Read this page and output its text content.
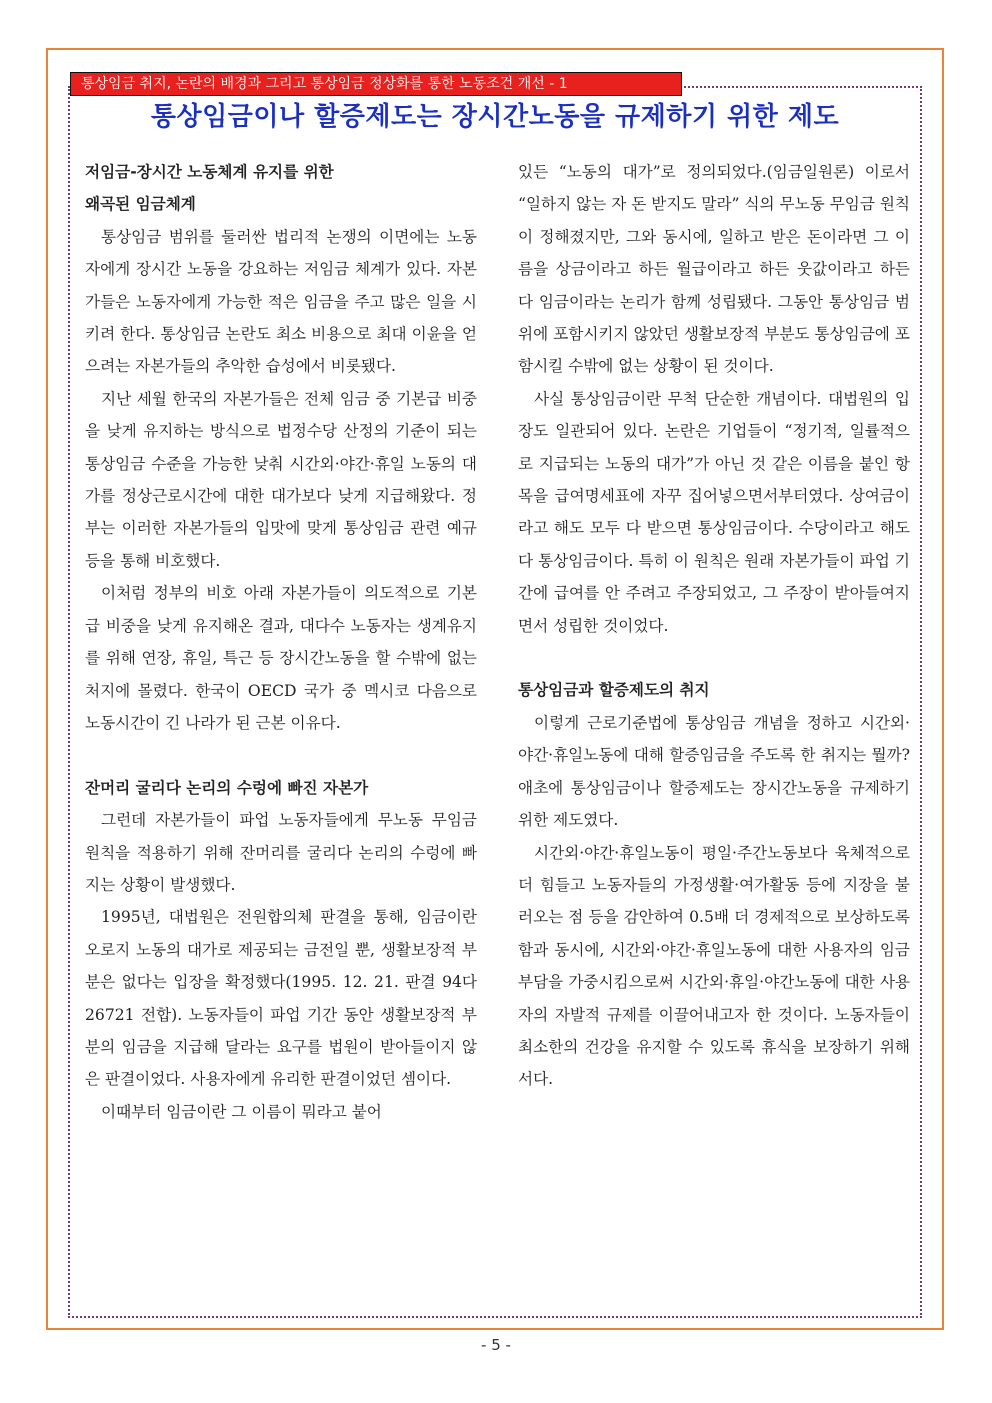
통상임금 취지, 논란의 배경과 그리고 통상임금 정상화를 통한 노동조건 개선 - 1
통상임금이나 할증제도는 장시간노동을 규제하기 위한 제도
저임금-장시간 노동체계 유지를 위한
왜곡된 임금체계

통상임금 범위를 둘러싼 법리적 논쟁의 이면에는 노동자에게 장시간 노동을 강요하는 저임금 체계가 있다. 자본가들은 노동자에게 가능한 적은 임금을 주고 많은 일을 시키려 한다. 통상임금 논란도 최소 비용으로 최대 이윤을 얻으려는 자본가들의 추악한 습성에서 비롯됐다.

지난 세월 한국의 자본가들은 전체 임금 중 기본급 비중을 낮게 유지하는 방식으로 법정수당 산정의 기준이 되는 통상임금 수준을 가능한 낮춰 시간외·야간·휴일 노동의 대가를 정상근로시간에 대한 대가보다 낮게 지급해왔다. 정부는 이러한 자본가들의 입맛에 맞게 통상임금 관련 예규 등을 통해 비호했다.

이처럼 정부의 비호 아래 자본가들이 의도적으로 기본급 비중을 낮게 유지해온 결과, 대다수 노동자는 생계유지를 위해 연장, 휴일, 특근 등 장시간노동을 할 수밖에 없는 처지에 몰렸다. 한국이 OECD 국가 중 멕시코 다음으로 노동시간이 긴 나라가 된 근본 이유다.

잔머리 굴리다 논리의 수렁에 빠진 자본가

그런데 자본가들이 파업 노동자들에게 무노동 무임금 원칙을 적용하기 위해 잔머리를 굴리다 논리의 수렁에 빠지는 상황이 발생했다.

1995년, 대법원은 전원합의체 판결을 통해, 임금이란 오로지 노동의 대가로 제공되는 금전일 뿐, 생활보장적 부분은 없다는 입장을 확정했다(1995. 12. 21. 판결 94다26721 전합). 노동자들이 파업 기간 동안 생활보장적 부분의 임금을 지급해 달라는 요구를 법원이 받아들이지 않은 판결이었다. 사용자에게 유리한 판결이었던 셈이다.

이때부터 임금이란 그 이름이 뭐라고 붙어

있든 “노동의 대가”로 정의되었다.(임금일원론) 이로서 “일하지 않는 자 돈 받지도 말라” 식의 무노동 무임금 원칙이 정해졌지만, 그와 동시에, 일하고 받은 돈이라면 그 이름을 상금이라고 하든 월급이라고 하든 웃값이라고 하든 다 임금이라는 논리가 함께 성립됐다. 그동안 통상임금 범위에 포함시키지 않았던 생활보장적 부분도 통상임금에 포함시킬 수밖에 없는 상황이 된 것이다.

사실 통상임금이란 무척 단순한 개념이다. 대법원의 입장도 일관되어 있다. 논란은 기업들이 “정기적, 일률적으로 지급되는 노동의 대가”가 아닌 것 같은 이름을 붙인 항목을 급여명세표에 자꾸 집어넣으면서부터였다. 상여금이라고 해도 모두 다 받으면 통상임금이다. 수당이라고 해도 다 통상임금이다. 특히 이 원칙은 원래 자본가들이 파업 기간에 급여를 안 주려고 주장되었고, 그 주장이 받아들여지면서 성립한 것이었다.

통상임금과 할증제도의 취지

이렇게 근로기준법에 통상임금 개념을 정하고 시간외·야간·휴일노동에 대해 할증임금을 주도록 한 취지는 뭘까? 애초에 통상임금이나 할증제도는 장시간노동을 규제하기 위한 제도였다.

시간외·야간·휴일노동이 평일·주간노동보다 육체적으로 더 힘들고 노동자들의 가정생활·여가활동 등에 지장을 불러오는 점 등을 감안하여 0.5배 더 경제적으로 보상하도록 함과 동시에, 시간외·야간·휴일노동에 대한 사용자의 임금부담을 가중시킴으로써 시간외·휴일·야간노동에 대한 사용자의 자발적 규제를 이끌어내고자 한 것이다. 노동자들이 최소한의 건강을 유지할 수 있도록 휴식을 보장하기 위해서다.

- 5 -
